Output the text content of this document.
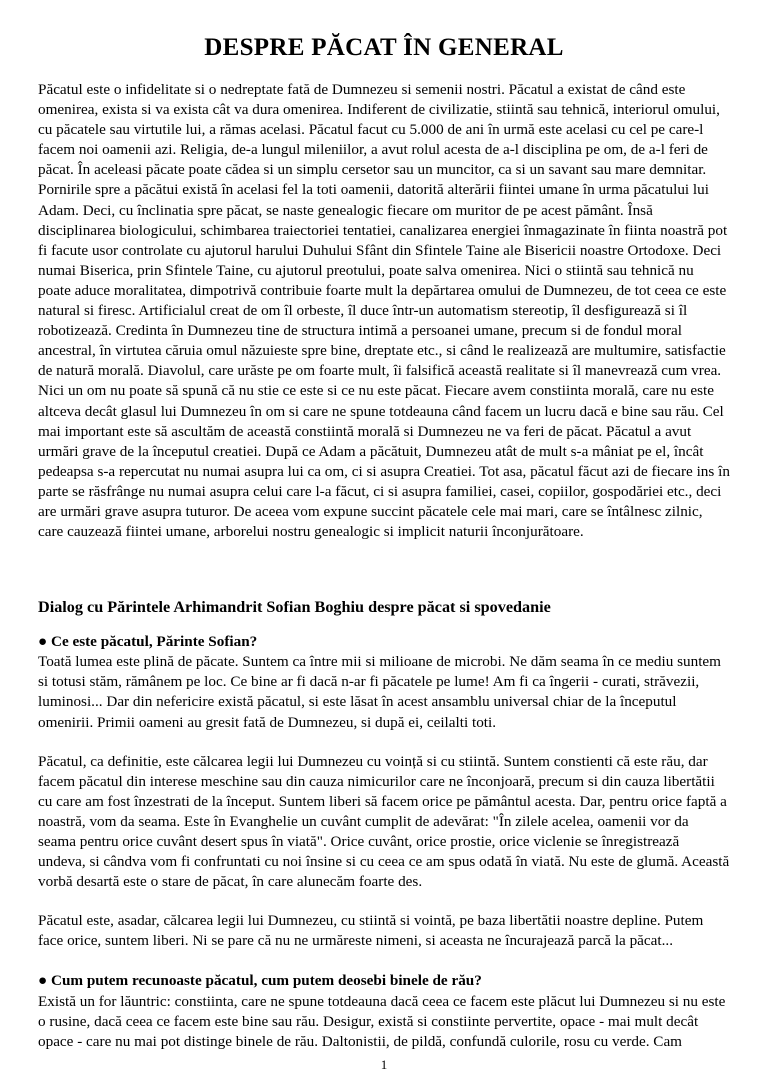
DESPRE PĂCAT ÎN GENERAL

Păcatul este o infidelitate si o nedreptate fată de Dumnezeu si semenii nostri. Păcatul a existat de când este omenirea, exista si va exista cât va dura omenirea. Indiferent de civilizatie, stiintă sau tehnică, interiorul omului, cu păcatele sau virtutile lui, a rămas acelasi. Păcatul facut cu 5.000 de ani în urmă este acelasi cu cel pe care-l facem noi oamenii azi. Religia, de-a lungul mileniilor, a avut rolul acesta de a-l disciplina pe om, de a-l feri de păcat. În aceleasi păcate poate cădea si un simplu cersetor sau un muncitor, ca si un savant sau mare demnitar. Pornirile spre a păcătui există în acelasi fel la toti oamenii, datorită alterării fiintei umane în urma păcatului lui Adam. Deci, cu înclinatia spre păcat, se naste genealogic fiecare om muritor de pe acest pământ. Însă disciplinarea biologicului, schimbarea traiectoriei tentatiei, canalizarea energiei înmagazinate în fiinta noastră pot fi facute usor controlate cu ajutorul harului Duhului Sfânt din Sfintele Taine ale Bisericii noastre Ortodoxe. Deci numai Biserica, prin Sfintele Taine, cu ajutorul preotului, poate salva omenirea. Nici o stiintă sau tehnică nu poate aduce moralitatea, dimpotrivă contribuie foarte mult la depărtarea omului de Dumnezeu, de tot ceea ce este natural si firesc. Artificialul creat de om îl orbeste, îl duce într-un automatism stereotip, îl desfigurează si îl robotizează. Credinta în Dumnezeu tine de structura intimă a persoanei umane, precum si de fondul moral ancestral, în virtutea căruia omul năzuieste spre bine, dreptate etc., si când le realizează are multumire, satisfactie de natură morală. Diavolul, care urăste pe om foarte mult, îi falsifică această realitate si îl manevrează cum vrea. Nici un om nu poate să spună că nu stie ce este si ce nu este păcat. Fiecare avem constiinta morală, care nu este altceva decât glasul lui Dumnezeu în om si care ne spune totdeauna când facem un lucru dacă e bine sau rău. Cel mai important este să ascultăm de această constiintă morală si Dumnezeu ne va feri de păcat. Păcatul a avut urmări grave de la începutul creatiei. După ce Adam a păcătuit, Dumnezeu atât de mult s-a mâniat pe el, încât pedeapsa s-a repercutat nu numai asupra lui ca om, ci si asupra Creatiei. Tot asa, păcatul făcut azi de fiecare ins în parte se răsfrânge nu numai asupra celui care l-a făcut, ci si asupra familiei, casei, copiilor, gospodăriei etc., deci are urmări grave asupra tuturor. De aceea vom expune succint păcatele cele mai mari, care se întâlnesc zilnic, care cauzează fiintei umane, arborelui nostru genealogic si implicit naturii înconjurătoare.

Dialog cu Părintele Arhimandrit Sofian Boghiu despre păcat si spovedanie

● Ce este păcatul, Părinte Sofian?

Toată lumea este plină de păcate. Suntem ca între mii si milioane de microbi. Ne dăm seama în ce mediu suntem si totusi stăm, rămânem pe loc. Ce bine ar fi dacă n-ar fi păcatele pe lume! Am fi ca îngerii - curati, străvezii, luminosi... Dar din nefericire există păcatul, si este lăsat în acest ansamblu universal chiar de la începutul omenirii. Primii oameni au gresit fată de Dumnezeu, si după ei, ceilalti toti.

Păcatul, ca definitie, este călcarea legii lui Dumnezeu cu voință si cu stiintă. Suntem constienti că este rău, dar facem păcatul din interese meschine sau din cauza nimicurilor care ne înconjoară, precum si din cauza libertătii cu care am fost înzestrati de la început. Suntem liberi să facem orice pe pământul acesta. Dar, pentru orice faptă a noastră, vom da seama. Este în Evanghelie un cuvânt cumplit de adevărat: "În zilele acelea, oamenii vor da seama pentru orice cuvânt desert spus în viată". Orice cuvânt, orice prostie, orice viclenie se înregistrează undeva, si cândva vom fi confruntati cu noi însine si cu ceea ce am spus odată în viată. Nu este de glumă. Această vorbă desartă este o stare de păcat, în care alunecăm foarte des.

Păcatul este, asadar, călcarea legii lui Dumnezeu, cu stiintă si vointă, pe baza libertătii noastre depline. Putem face orice, suntem liberi. Ni se pare că nu ne urmăreste nimeni, si aceasta ne încurajează parcă la păcat...

● Cum putem recunoaste păcatul, cum putem deosebi binele de rău?

Există un for lăuntric: constiinta, care ne spune totdeauna dacă ceea ce facem este plăcut lui Dumnezeu si nu este o rusine, dacă ceea ce facem este bine sau rău. Desigur, există si constiinte pervertite, opace - mai mult decât opace - care nu mai pot distinge binele de rău. Daltonistii, de pildă, confundă culorile, rosu cu verde. Cam

1
